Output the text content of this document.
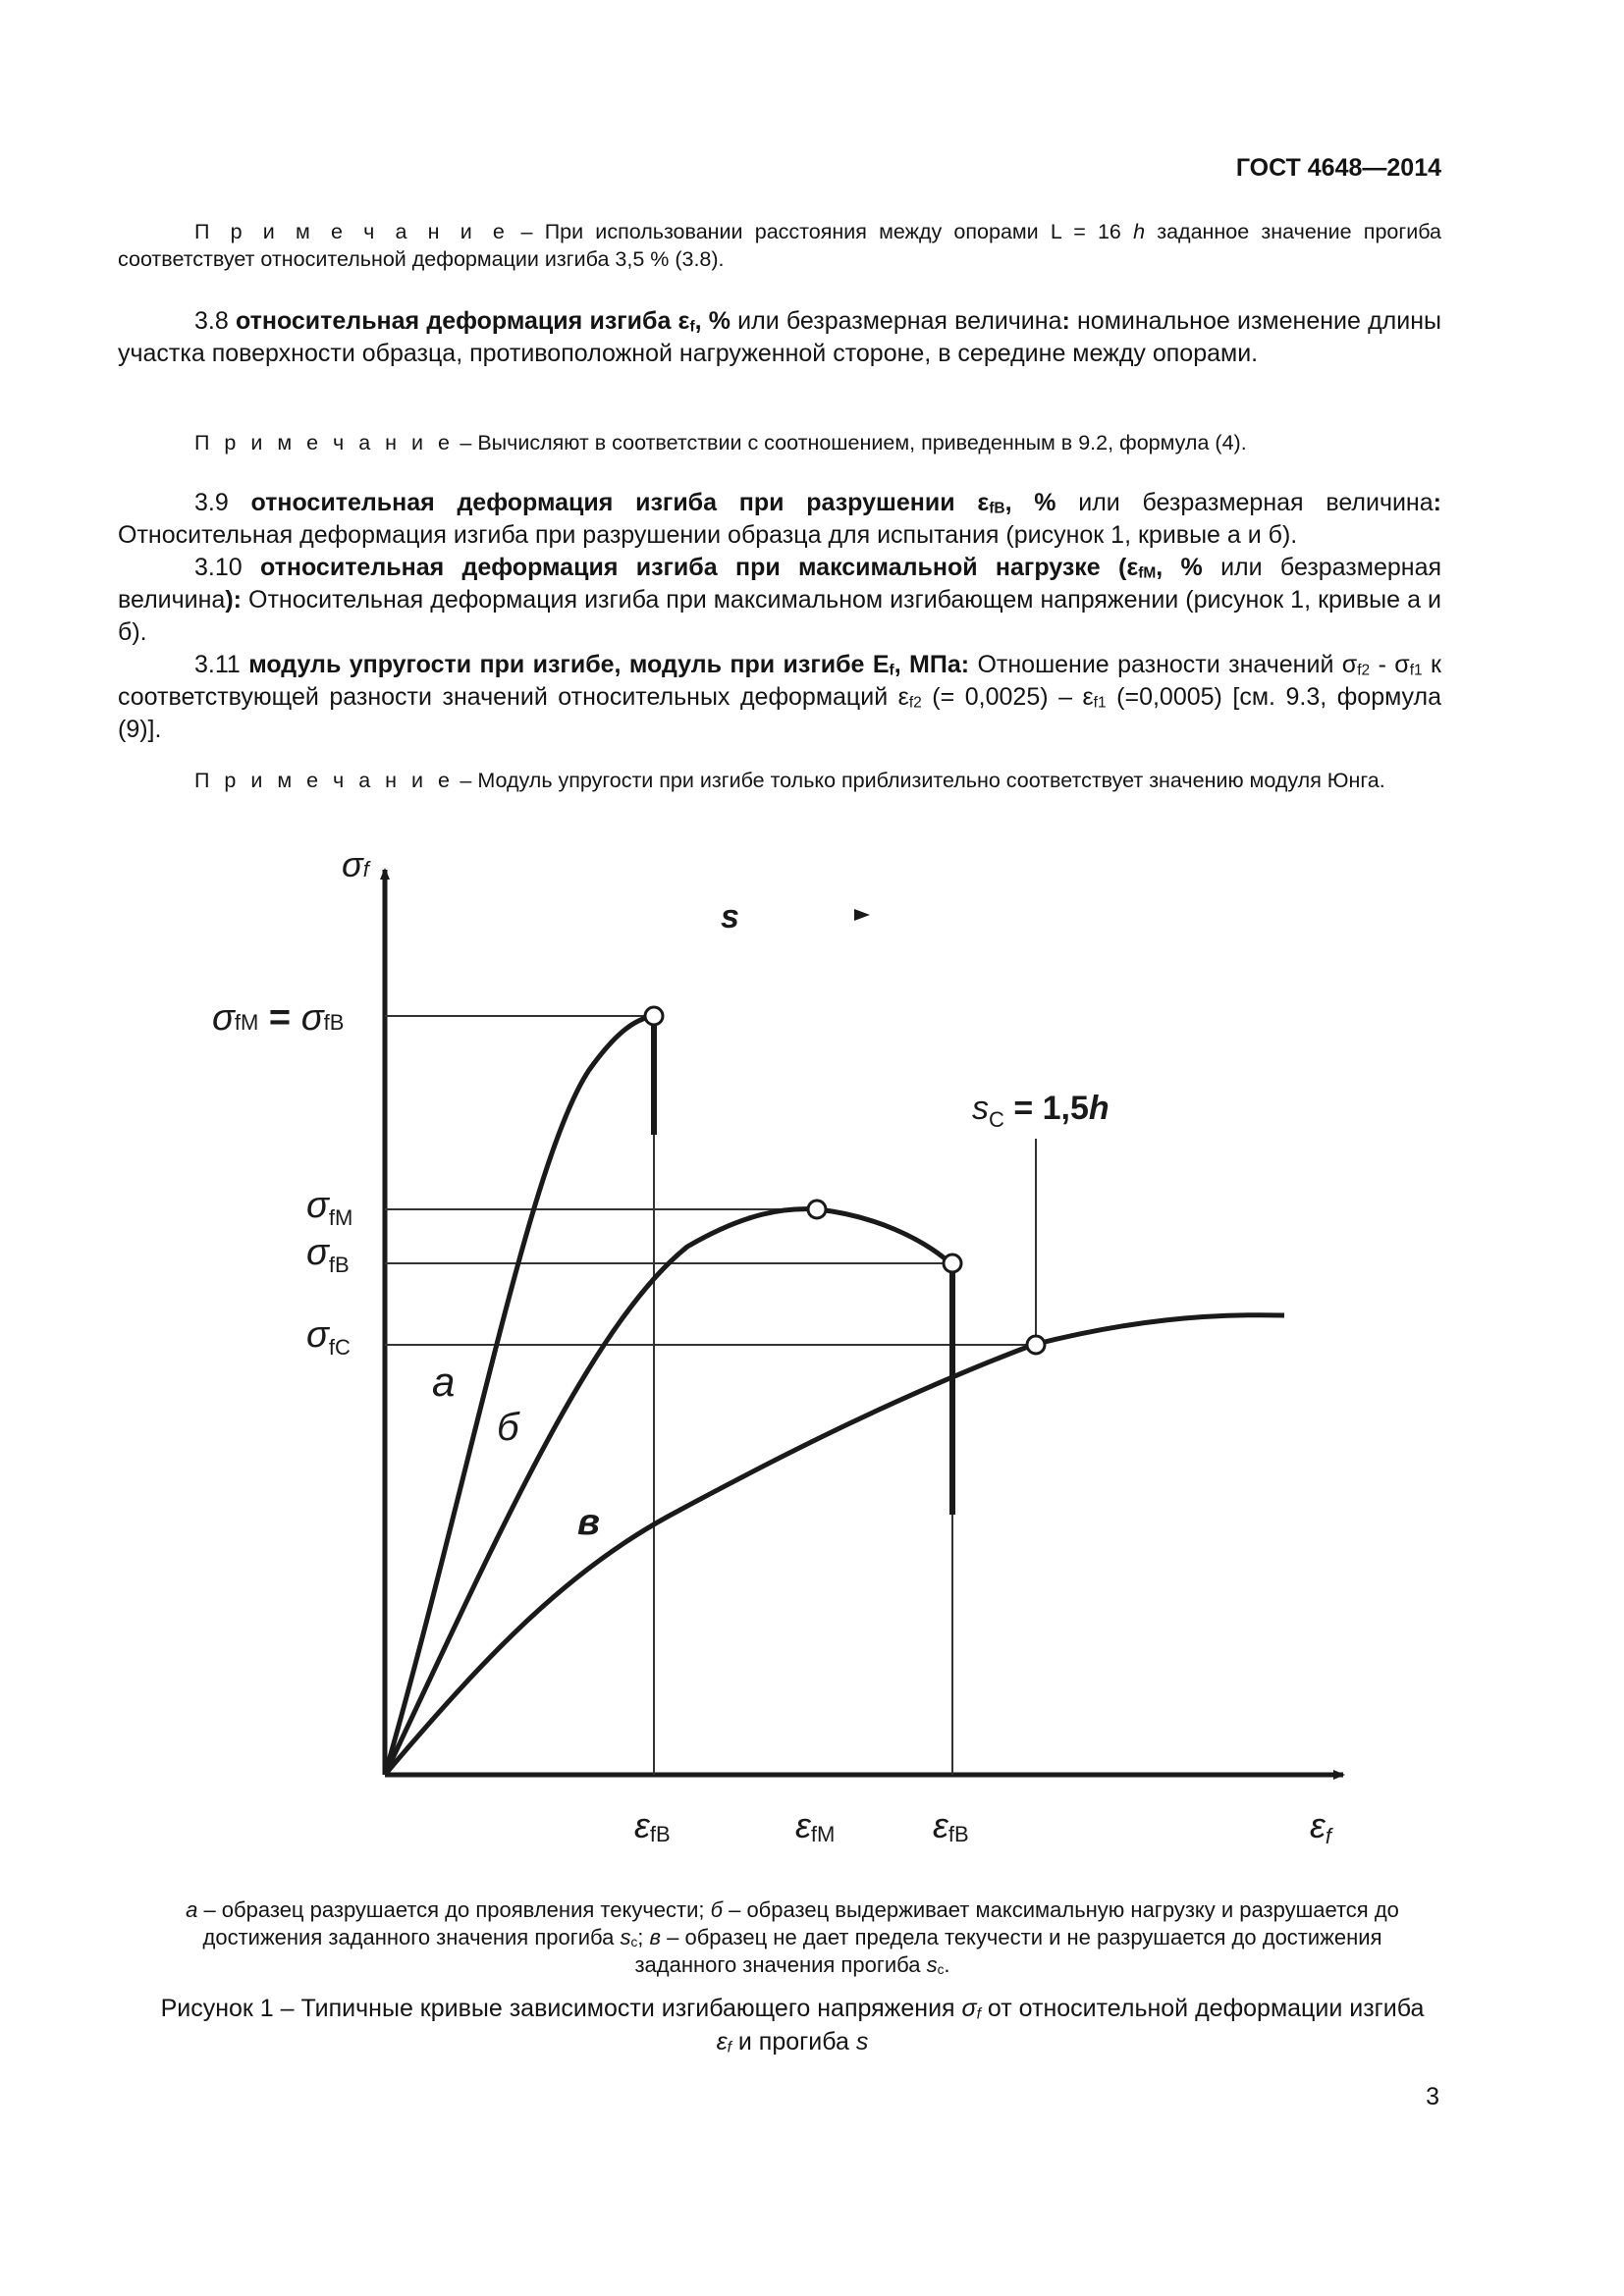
ГОСТ 4648—2014
П р и м е ч а н и е – При использовании расстояния между опорами L = 16 h заданное значение прогиба соответствует относительной деформации изгиба 3,5 % (3.8).
3.8 относительная деформация изгиба $\varepsilon_f$, % или безразмерная величина: номинальное изменение длины участка поверхности образца, противоположной нагруженной стороне, в середине между опорами.
П р и м е ч а н и е – Вычисляют в соответствии с соотношением, приведенным в 9.2, формула (4).
3.9 относительная деформация изгиба при разрушении $\varepsilon_{fB}$, % или безразмерная величина: Относительная деформация изгиба при разрушении образца для испытания (рисунок 1, кривые а и б).
3.10 относительная деформация изгиба при максимальной нагрузке ($\varepsilon_{fM}$, % или безразмерная величина): Относительная деформация изгиба при максимальном изгибающем напряжении (рисунок 1, кривые а и б).
3.11 модуль упругости при изгибе, модуль при изгибе $E_f$, МПа: Отношение разности значений $\sigma_{f2} - \sigma_{f1}$ к соответствующей разности значений относительных деформаций $\varepsilon_{f2}$ (= $0,0025) - \varepsilon_{f1}$ (=0,0005) [см. 9.3, формула (9)].
П р и м е ч а н и е – Модуль упругости при изгибе только приблизительно соответствует значению модуля Юнга.
σf
εf
s
σfM = σfB
$\sigma_{fM}$
$\sigma_{fB}$
$\sigma_{fC}$
$s_C = 1,5h$
a
б
в
εfB	εfM	εfB
а – образец разрушается до проявления текучести; б – образец выдерживает максимальную нагрузку и разрушается до достижения заданного значения прогиба $s_c$; в – образец не дает предела текучести и не разрушается до достижения заданного значения прогиба $s_c$.
Рисунок 1 – Типичные кривые зависимости изгибающего напряжения $\sigma_f$ от относительной деформации изгиба $\varepsilon_f$ и прогиба s
3
